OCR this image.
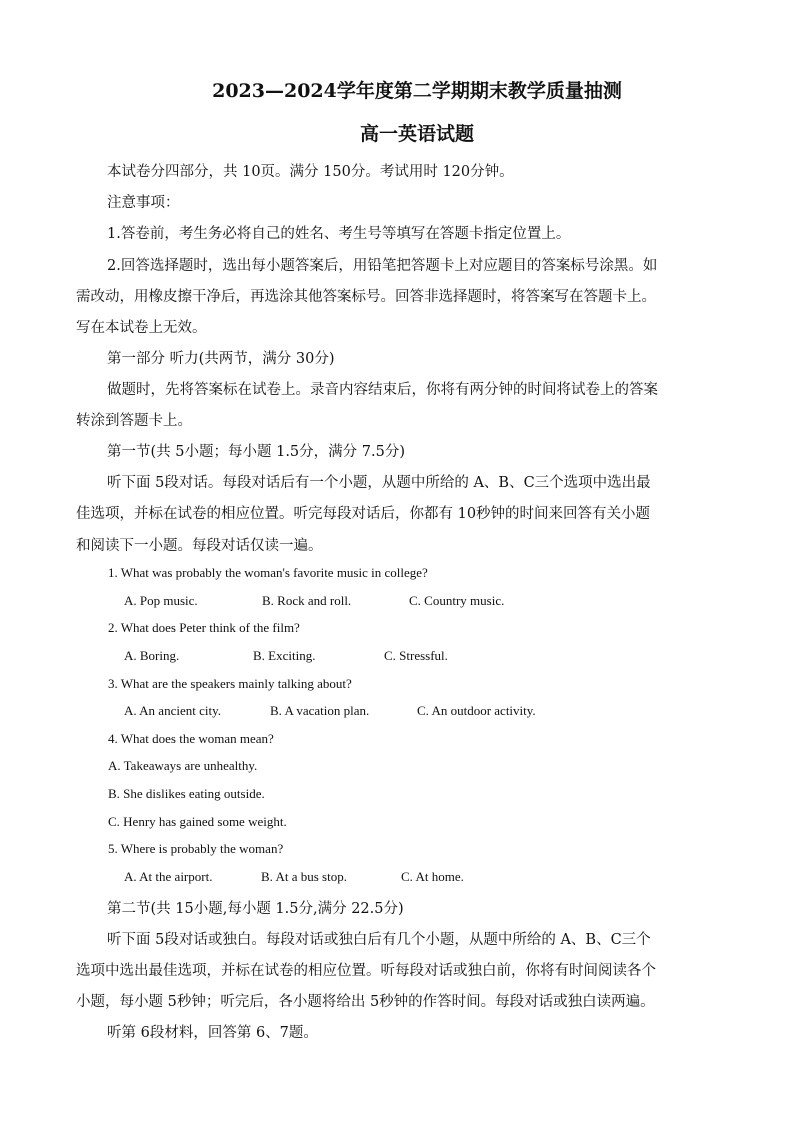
2023—2024学年度第二学期期末教学质量抽测
高一英语试题
本试卷分四部分，共 10页。满分 150分。考试用时 120分钟。
注意事项：
1.答卷前，考生务必将自己的姓名、考生号等填写在答题卡指定位置上。
2.回答选择题时，选出每小题答案后，用铅笔把答题卡上对应题目的答案标号涂黑。如
需改动，用橡皮擦干净后，再选涂其他答案标号。回答非选择题时，将答案写在答题卡上。
写在本试卷上无效。
第一部分 听力(共两节，满分 30分)
做题时，先将答案标在试卷上。录音内容结束后，你将有两分钟的时间将试卷上的答案
转涂到答题卡上。
第一节(共 5小题；每小题 1.5分，满分 7.5分)
听下面 5段对话。每段对话后有一个小题，从题中所给的 A、B、C三个选项中选出最
佳选项，并标在试卷的相应位置。听完每段对话后，你都有 10秒钟的时间来回答有关小题
和阅读下一小题。每段对话仅读一遍。
1. What was probably the woman's favorite music in college?
A. Pop music.	B. Rock and roll.	C. Country music.
2. What does Peter think of the film?
A. Boring.	B. Exciting.	C. Stressful.
3. What are the speakers mainly talking about?
A. An ancient city.	B. A vacation plan.	C. An outdoor activity.
4. What does the woman mean?
A. Takeaways are unhealthy.
B. She dislikes eating outside.
C. Henry has gained some weight.
5. Where is probably the woman?
A. At the airport.	B. At a bus stop.	C. At home.
第二节(共 15小题,每小题 1.5分,满分 22.5分)
听下面 5段对话或独白。每段对话或独白后有几个小题，从题中所给的 A、B、C三个
选项中选出最佳选项，并标在试卷的相应位置。听每段对话或独白前，你将有时间阅读各个
小题，每小题 5秒钟；听完后，各小题将给出 5秒钟的作答时间。每段对话或独白读两遍。
听第 6段材料，回答第 6、7题。
